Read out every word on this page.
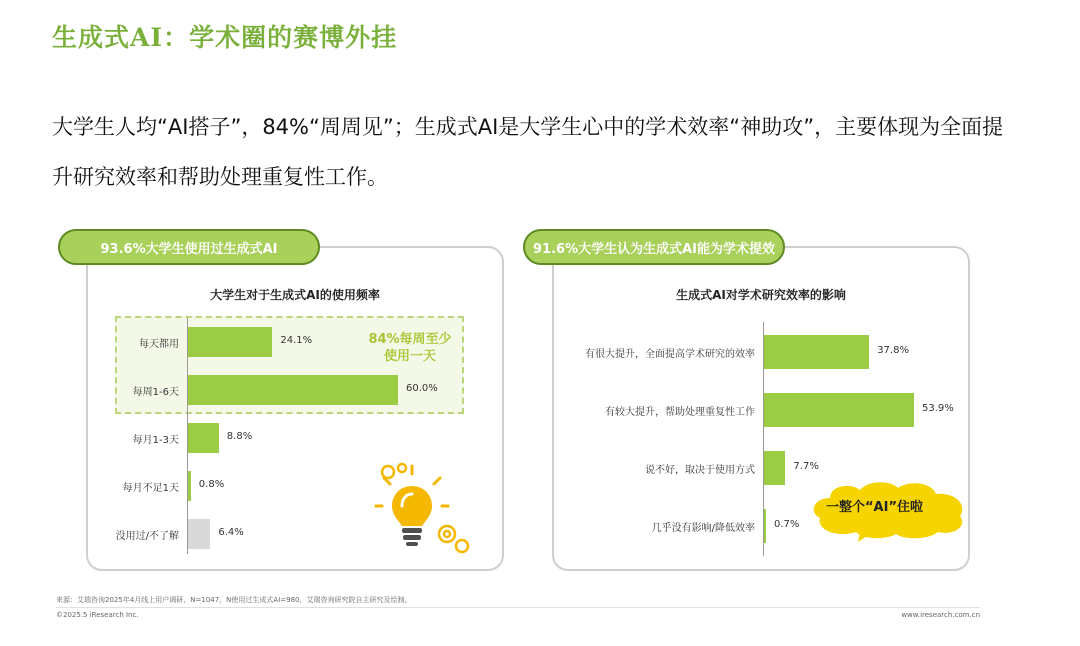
生成式AI：学术圈的赛博外挂
大学生人均“AI搭子”，84%“周周见”；生成式AI是大学生心中的学术效率“神助攻”，主要体现为全面提升研究效率和帮助处理重复性工作。
93.6%大学生使用过生成式AI
大学生对于生成式AI的使用频率
84%每周至少使用一天
每天都用	24.1%
每周1-6天	60.0%
每月1-3天	8.8%
每月不足1天 0.8%
没用过/不了解	6.4%
91.6%大学生认为生成式AI能为学术提效
生成式AI对学术研究效率的影响
有很大提升，全面提高学术研究的效率	37.8%
有较大提升，帮助处理重复性工作	53.9%
说不好，取决于使用方式	7.7%
几乎没有影响/降低效率 0.7%
一整个“AI”住啦
来源：艾瑞咨询2025年4月线上用户调研，N=1047，N使用过生成式AI=980，艾瑞咨询研究院自主研究及绘制。
©2025.5 iResearch Inc.	www.iresearch.com.cn
